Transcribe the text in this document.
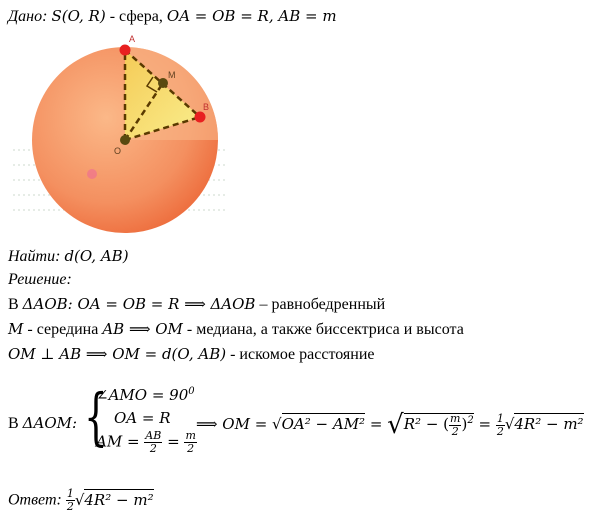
Дано: S(O, R) - сфера, OA = OB = R, AB = m
A
B
M
O
Найти: d(O, AB)
Решение:
В ΔAOB: OA = OB = R ⟹ ΔAOB – равнобедренный
M - середина AB ⟹ OM - медиана, а также биссектриса и высота
OM ⊥ AB ⟹ OM = d(O, AB) - искомое расстояние
В ΔAOM: {
∠AMO = $90^0$
OA = R
AM = $\frac{AB}{2} = \frac{m}{2}$
⟹ OM = √OA² − AM² = √R² − ( $\frac{m}{2} )^2 = \frac{1}{2} √4R^2 - m^2$
Ответ: $\frac{1}{2} √4R^2 - m^2$
